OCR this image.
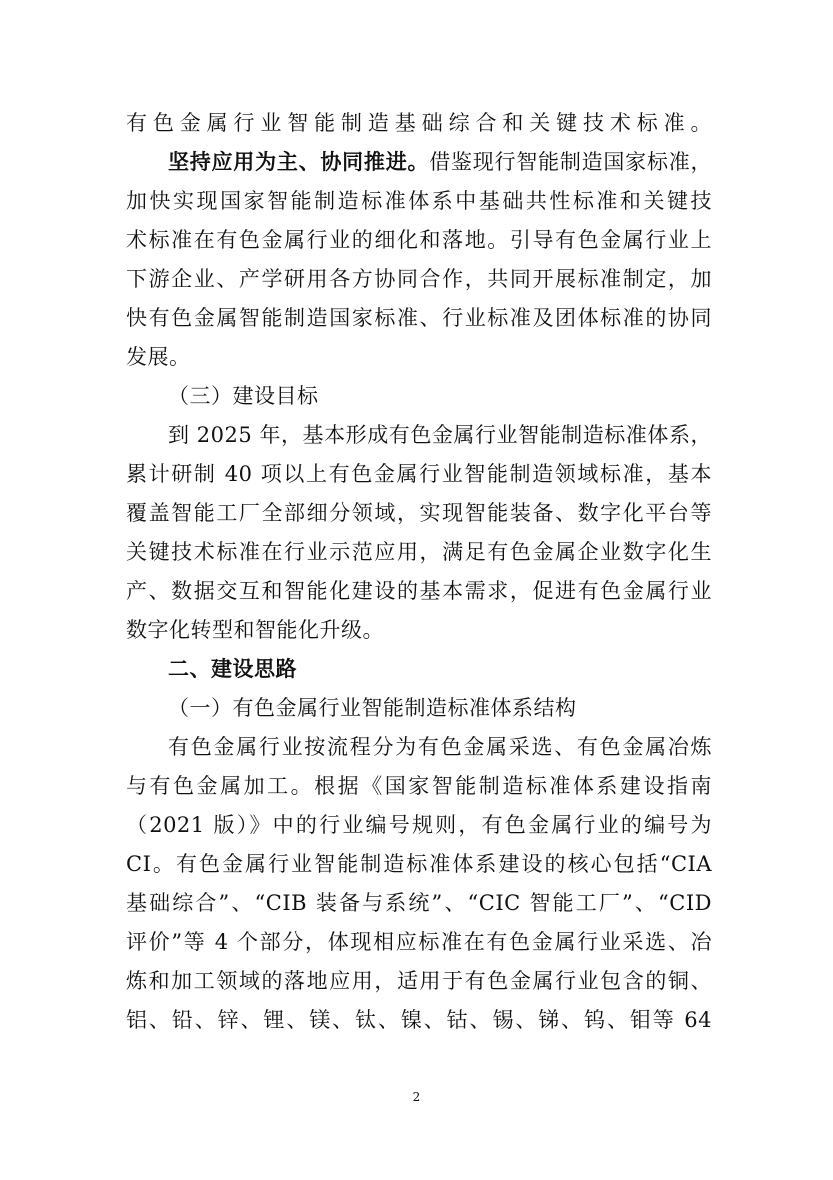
有色金属行业智能制造基础综合和关键技术标准。
坚持应用为主、协同推进。借鉴现行智能制造国家标准，
加快实现国家智能制造标准体系中基础共性标准和关键技
术标准在有色金属行业的细化和落地。引导有色金属行业上
下游企业、产学研用各方协同合作，共同开展标准制定，加
快有色金属智能制造国家标准、行业标准及团体标准的协同
发展。
（三）建设目标
到 2025 年，基本形成有色金属行业智能制造标准体系，
累计研制 40 项以上有色金属行业智能制造领域标准，基本
覆盖智能工厂全部细分领域，实现智能装备、数字化平台等
关键技术标准在行业示范应用，满足有色金属企业数字化生
产、数据交互和智能化建设的基本需求，促进有色金属行业
数字化转型和智能化升级。
二、建设思路
（一）有色金属行业智能制造标准体系结构
有色金属行业按流程分为有色金属采选、有色金属冶炼
与有色金属加工。根据《国家智能制造标准体系建设指南
（2021 版）》中的行业编号规则，有色金属行业的编号为
CI。有色金属行业智能制造标准体系建设的核心包括“CIA
基础综合”、“CIB 装备与系统”、“CIC 智能工厂”、“CID
评价”等 4 个部分，体现相应标准在有色金属行业采选、冶
炼和加工领域的落地应用，适用于有色金属行业包含的铜、
铝、铅、锌、锂、镁、钛、镍、钴、锡、锑、钨、钼等 64
2
